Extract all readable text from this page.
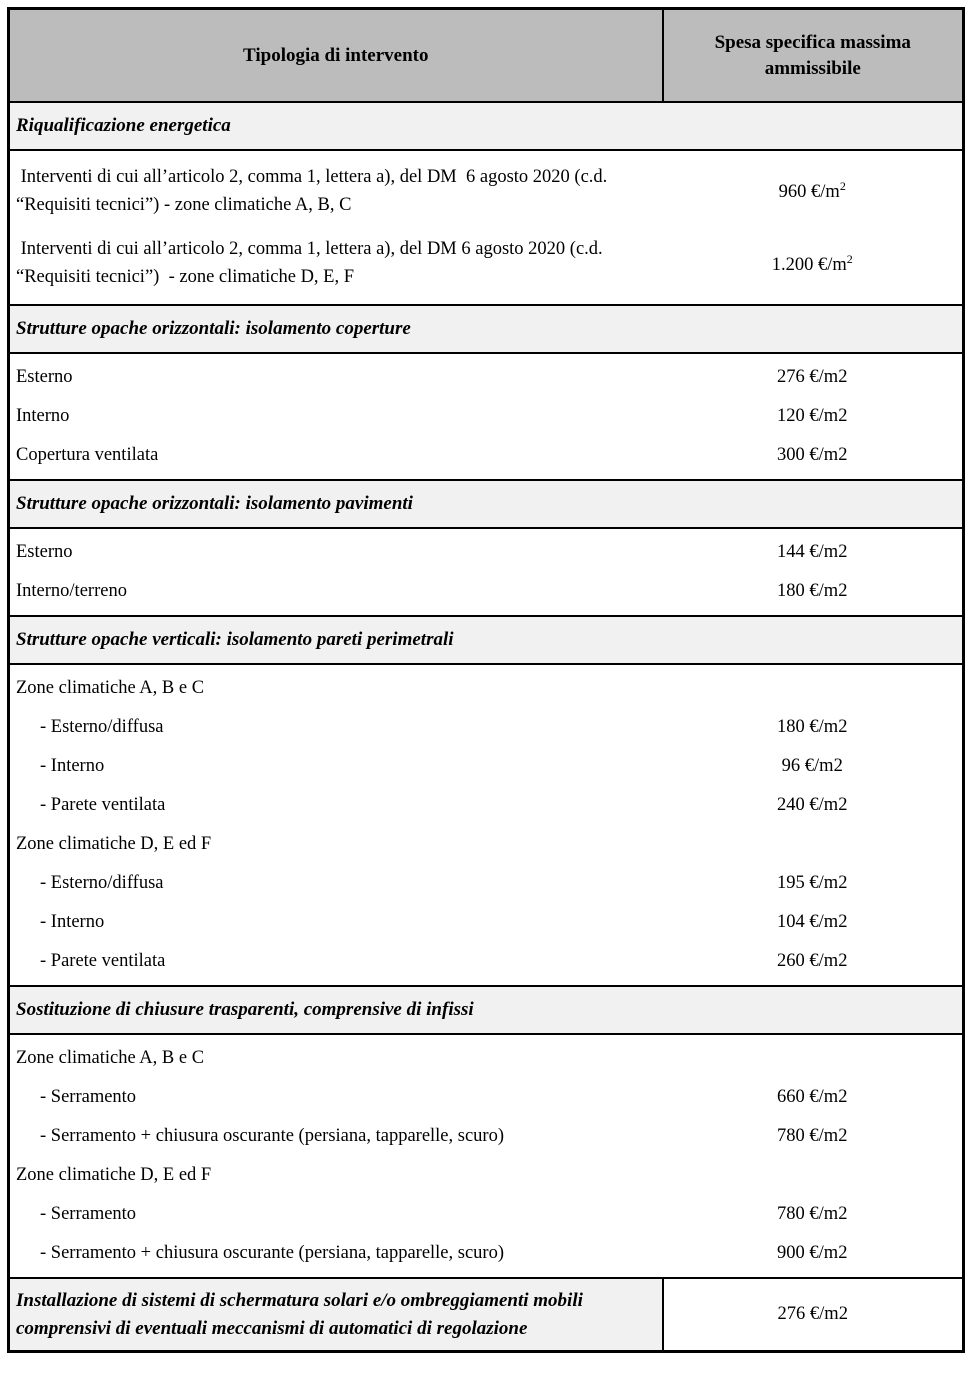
Tipologia di intervento	Spesa specifica massima ammissibile
Riqualificazione energetica	
Interventi di cui all’articolo 2, comma 1, lettera a), del DM  6 agosto 2020 (c.d. “Requisiti tecnici”) - zone climatiche A, B, C	960 $€/m^2$
Interventi di cui all’articolo 2, comma 1, lettera a), del DM 6 agosto 2020 (c.d. “Requisiti tecnici”)  - zone climatiche D, E, F	1.200 $€/m^2$
Strutture opache orizzontali: isolamento coperture	
Esterno	276 €/m2
Interno	120 €/m2
Copertura ventilata	300 €/m2
Strutture opache orizzontali: isolamento pavimenti	
Esterno	144 €/m2
Interno/terreno	180 €/m2
Strutture opache verticali: isolamento pareti perimetrali	
Zone climatiche A, B e C	
- Esterno/diffusa	180 €/m2
- Interno	96 €/m2
- Parete ventilata	240 €/m2
Zone climatiche D, E ed F	
- Esterno/diffusa	195 €/m2
- Interno	104 €/m2
- Parete ventilata	260 €/m2
Sostituzione di chiusure trasparenti, comprensive di infissi	
Zone climatiche A, B e C	
- Serramento	660 €/m2
- Serramento + chiusura oscurante (persiana, tapparelle, scuro)	780 €/m2
Zone climatiche D, E ed F	
- Serramento	780 €/m2
- Serramento + chiusura oscurante (persiana, tapparelle, scuro)	900 €/m2
Installazione di sistemi di schermatura solari e/o ombreggiamenti mobili comprensivi di eventuali meccanismi di automatici di regolazione	276 €/m2
